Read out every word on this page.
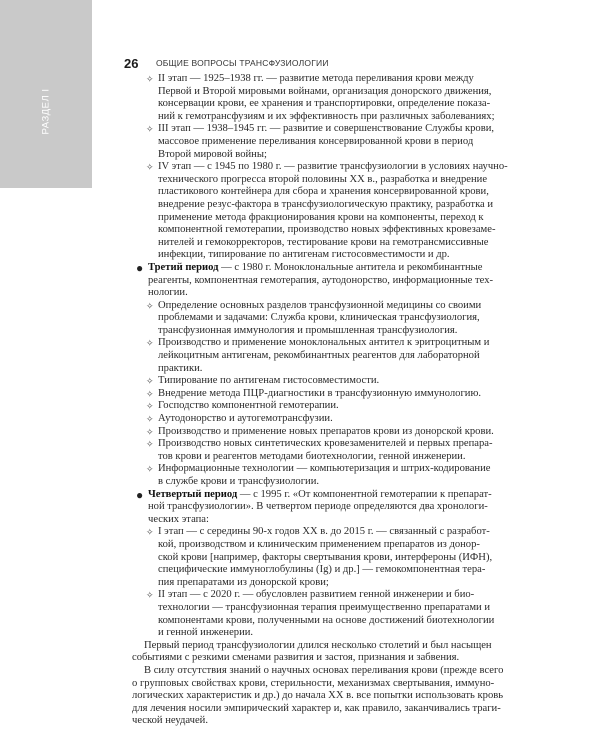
РАЗДЕЛ I
26 ОБЩИЕ ВОПРОСЫ ТРАНСФУЗИОЛОГИИ
✧ II этап — 1925–1938 гг. — развитие метода переливания крови между
Первой и Второй мировыми войнами, организация донорского движения,
консервации крови, ее хранения и транспортировки, определение показа-
ний к гемотрансфузиям и их эффективность при различных заболеваниях;
✧ III этап — 1938–1945 гг. — развитие и совершенствование Службы крови,
массовое применение переливания консервированной крови в период
Второй мировой войны;
✧ IV этап — с 1945 по 1980 г. — развитие трансфузиологии в условиях научно-
технического прогресса второй половины XX в., разработка и внедрение
пластикового контейнера для сбора и хранения консервированной крови,
внедрение резус-фактора в трансфузиологическую практику, разработка и
применение метода фракционирования крови на компоненты, переход к
компонентной гемотерапии, производство новых эффективных кровезаме-
нителей и гемокорректоров, тестирование крови на гемотрансмиссивные
инфекции, типирование по антигенам гистосовместимости и др.
● Третий период — с 1980 г. Моноклональные антитела и рекомбинантные
реагенты, компонентная гемотерапия, аутодонорство, информационные тех-
нологии.
✧ Определение основных разделов трансфузионной медицины со своими
проблемами и задачами: Служба крови, клиническая трансфузиология,
трансфузионная иммунология и промышленная трансфузиология.
✧ Производство и применение моноклональных антител к эритроцитным и
лейкоцитным антигенам, рекомбинантных реагентов для лабораторной
практики.
✧ Типирование по антигенам гистосовместимости.
✧ Внедрение метода ПЦР-диагностики в трансфузионную иммунологию.
✧ Господство компонентной гемотерапии.
✧ Аутодонорство и аутогемотрансфузии.
✧ Производство и применение новых препаратов крови из донорской крови.
✧ Производство новых синтетических кровезаменителей и первых препара-
тов крови и реагентов методами биотехнологии, генной инженерии.
✧ Информационные технологии — компьютеризация и штрих-кодирование
в службе крови и трансфузиологии.
● Четвертый период — с 1995 г. «От компонентной гемотерапии к препарат-
ной трансфузиологии». В четвертом периоде определяются два хронологи-
ческих этапа:
✧ I этап — с середины 90-х годов XX в. до 2015 г. — связанный с разработ-
кой, производством и клиническим применением препаратов из донор-
ской крови [например, факторы свертывания крови, интерфероны (ИФН),
специфические иммуноглобулины (Ig) и др.] — гемокомпонентная тера-
пия препаратами из донорской крови;
✧ II этап — с 2020 г. — обусловлен развитием генной инженерии и био-
технологии — трансфузионная терапия преимущественно препаратами и
компонентами крови, полученными на основе достижений биотехнологии
и генной инженерии.
Первый период трансфузиологии длился несколько столетий и был насыщен
событиями с резкими сменами развития и застоя, признания и забвения.
В силу отсутствия знаний о научных основах переливания крови (прежде всего
о групповых свойствах крови, стерильности, механизмах свертывания, иммуно-
логических характеристик и др.) до начала XX в. все попытки использовать кровь
для лечения носили эмпирический характер и, как правило, заканчивались траги-
ческой неудачей.
